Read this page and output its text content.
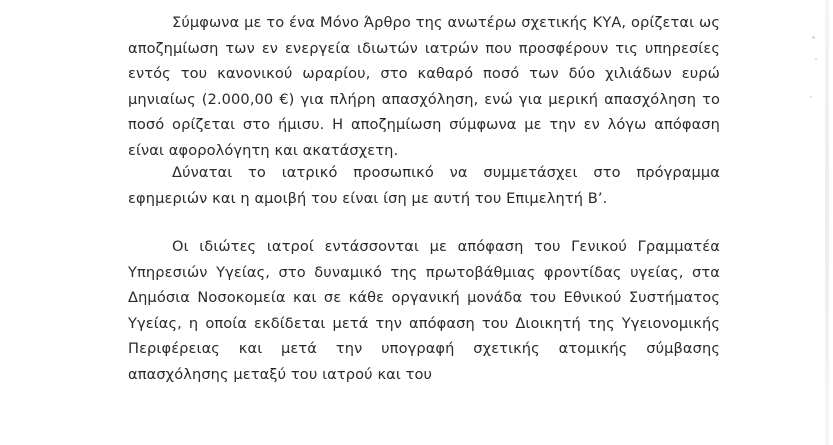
Σύμφωνα με το ένα Μόνο Άρθρο της ανωτέρω σχετικής ΚΥΑ, ορίζεται ως αποζημίωση των εν ενεργεία ιδιωτών ιατρών που προσφέρουν τις υπηρεσίες εντός του κανονικού ωραρίου, στο καθαρό ποσό των δύο χιλιάδων ευρώ μηνιαίως (2.000,00 €) για πλήρη απασχόληση, ενώ για μερική απασχόληση το ποσό ορίζεται στο ήμισυ. Η αποζημίωση σύμφωνα με την εν λόγω απόφαση είναι αφορολόγητη και ακατάσχετη.

Δύναται το ιατρικό προσωπικό να συμμετάσχει στο πρόγραμμα εφημεριών και η αμοιβή του είναι ίση με αυτή του Επιμελητή Β’.

Οι ιδιώτες ιατροί εντάσσονται με απόφαση του Γενικού Γραμματέα Υπηρεσιών Υγείας, στο δυναμικό της πρωτοβάθμιας φροντίδας υγείας, στα Δημόσια Νοσοκομεία και σε κάθε οργανική μονάδα του Εθνικού Συστήματος Υγείας, η οποία εκδίδεται μετά την απόφαση του Διοικητή της Υγειονομικής Περιφέρειας και μετά την υπογραφή σχετικής ατομικής σύμβασης απασχόλησης μεταξύ του ιατρού και του
